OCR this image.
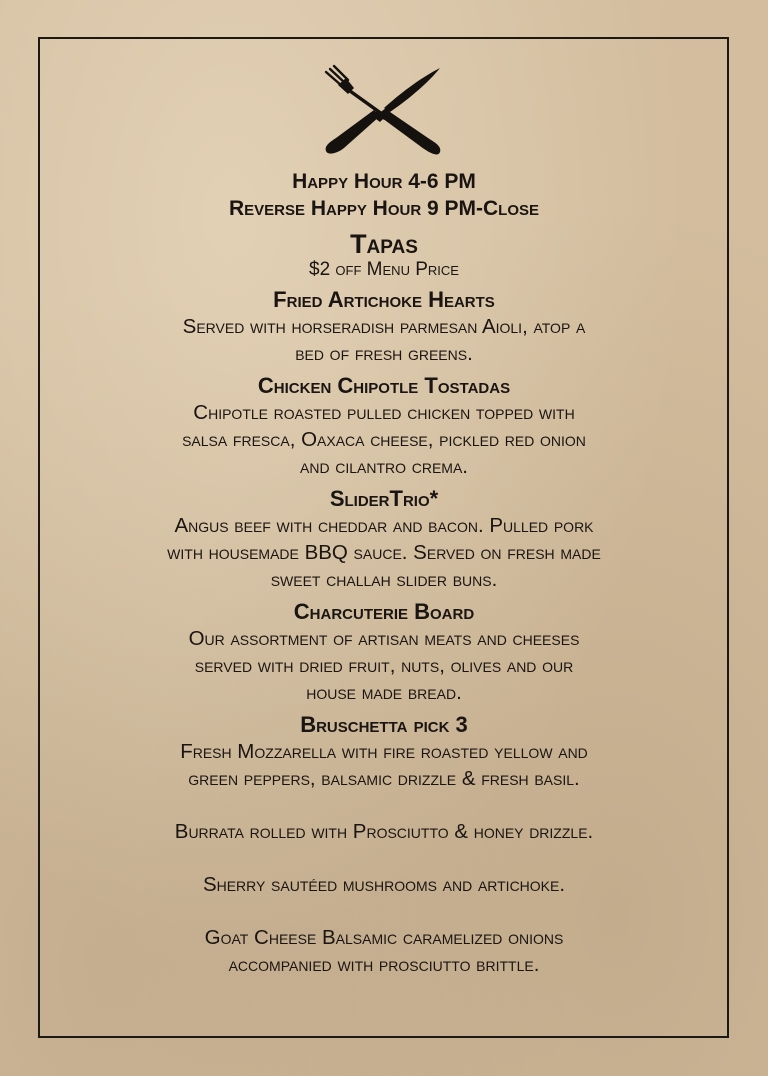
Happy Hour 4-6 PM
Reverse Happy Hour 9 PM-Close
Tapas
$2 off Menu Price
Fried Artichoke Hearts
Served with horseradish parmesan Aioli, atop a
bed of fresh greens.
Chicken Chipotle Tostadas
Chipotle roasted pulled chicken topped with
salsa fresca, Oaxaca cheese, pickled red onion
and cilantro crema.
SliderTrio*
Angus beef with cheddar and bacon. Pulled pork
with housemade BBQ sauce. Served on fresh made
sweet challah slider buns.
Charcuterie Board
Our assortment of artisan meats and cheeses
served with dried fruit, nuts, olives and our
house made bread.
Bruschetta pick 3
Fresh Mozzarella with fire roasted yellow and
green peppers, balsamic drizzle & fresh basil.
Burrata rolled with Prosciutto & honey drizzle.
Sherry sautéed mushrooms and artichoke.
Goat Cheese Balsamic caramelized onions
accompanied with prosciutto brittle.
